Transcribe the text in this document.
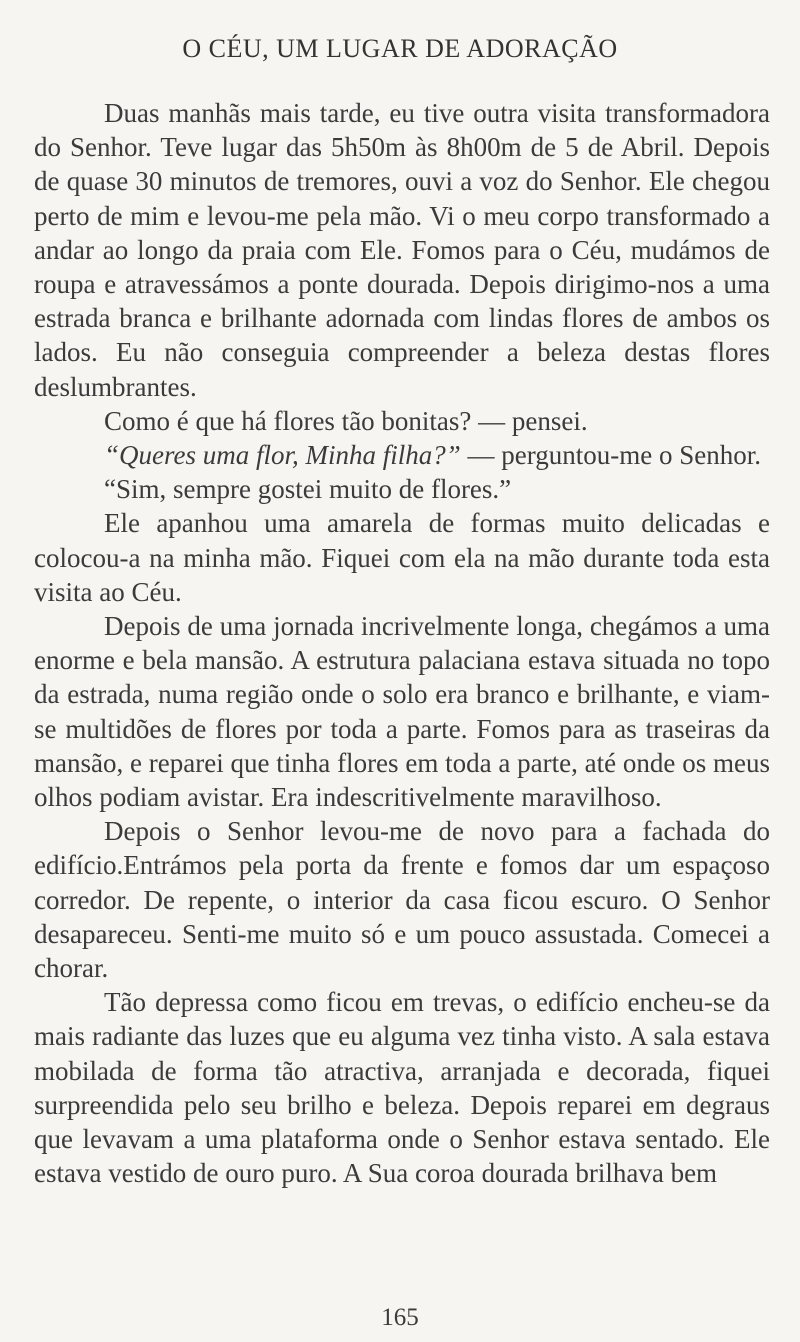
O CÉU, UM LUGAR DE ADORAÇÃO

Duas manhãs mais tarde, eu tive outra visita transformadora do Senhor. Teve lugar das 5h50m às 8h00m de 5 de Abril. Depois de quase 30 minutos de tremores, ouvi a voz do Senhor. Ele chegou perto de mim e levou-me pela mão. Vi o meu corpo transformado a andar ao longo da praia com Ele. Fomos para o Céu, mudámos de roupa e atravessámos a ponte dourada. Depois dirigimo-nos a uma estrada branca e brilhante adornada com lindas flores de ambos os lados. Eu não conseguia compreender a beleza destas flores deslumbrantes.

Como é que há flores tão bonitas? — pensei.

“Queres uma flor, Minha filha?” — perguntou-me o Senhor.

“Sim, sempre gostei muito de flores.”

Ele apanhou uma amarela de formas muito delicadas e colocou-a na minha mão. Fiquei com ela na mão durante toda esta visita ao Céu.

Depois de uma jornada incrivelmente longa, chegámos a uma enorme e bela mansão. A estrutura palaciana estava situada no topo da estrada, numa região onde o solo era branco e brilhante, e viam-se multidões de flores por toda a parte. Fomos para as traseiras da mansão, e reparei que tinha flores em toda a parte, até onde os meus olhos podiam avistar. Era indescritivelmente maravilhoso.

Depois o Senhor levou-me de novo para a fachada do edifício.Entrámos pela porta da frente e fomos dar um espaçoso corredor. De repente, o interior da casa ficou escuro. O Senhor desapareceu. Senti-me muito só e um pouco assustada. Comecei a chorar.

Tão depressa como ficou em trevas, o edifício encheu-se da mais radiante das luzes que eu alguma vez tinha visto. A sala estava mobilada de forma tão atractiva, arranjada e decorada, fiquei surpreendida pelo seu brilho e beleza. Depois reparei em degraus que levavam a uma plataforma onde o Senhor estava sentado. Ele estava vestido de ouro puro. A Sua coroa dourada brilhava bem

165
